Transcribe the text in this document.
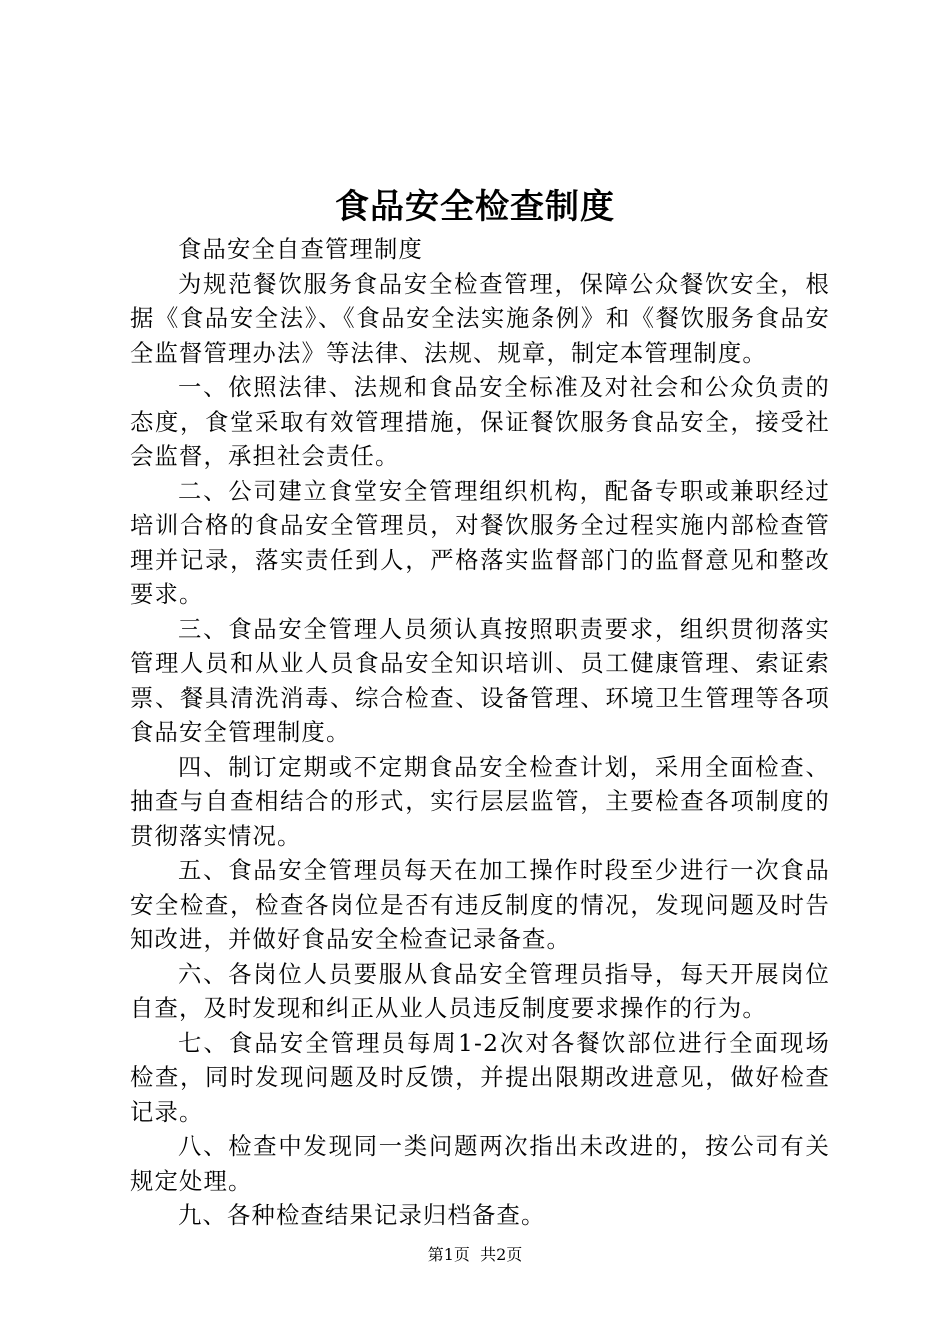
食品安全检查制度

食品安全自查管理制度

为规范餐饮服务食品安全检查管理，保障公众餐饮安全，根据《食品安全法》、《食品安全法实施条例》和《餐饮服务食品安全监督管理办法》等法律、法规、规章，制定本管理制度。

一、依照法律、法规和食品安全标准及对社会和公众负责的态度，食堂采取有效管理措施，保证餐饮服务食品安全，接受社会监督，承担社会责任。

二、公司建立食堂安全管理组织机构，配备专职或兼职经过培训合格的食品安全管理员，对餐饮服务全过程实施内部检查管理并记录，落实责任到人，严格落实监督部门的监督意见和整改要求。

三、食品安全管理人员须认真按照职责要求，组织贯彻落实管理人员和从业人员食品安全知识培训、员工健康管理、索证索票、餐具清洗消毒、综合检查、设备管理、环境卫生管理等各项食品安全管理制度。

四、制订定期或不定期食品安全检查计划，采用全面检查、抽查与自查相结合的形式，实行层层监管，主要检查各项制度的贯彻落实情况。

五、食品安全管理员每天在加工操作时段至少进行一次食品安全检查，检查各岗位是否有违反制度的情况，发现问题及时告知改进，并做好食品安全检查记录备查。

六、各岗位人员要服从食品安全管理员指导，每天开展岗位自查，及时发现和纠正从业人员违反制度要求操作的行为。

七、食品安全管理员每周1-2次对各餐饮部位进行全面现场检查，同时发现问题及时反馈，并提出限期改进意见，做好检查记录。

八、检查中发现同一类问题两次指出未改进的，按公司有关规定处理。

九、各种检查结果记录归档备查。

第1页  共2页
